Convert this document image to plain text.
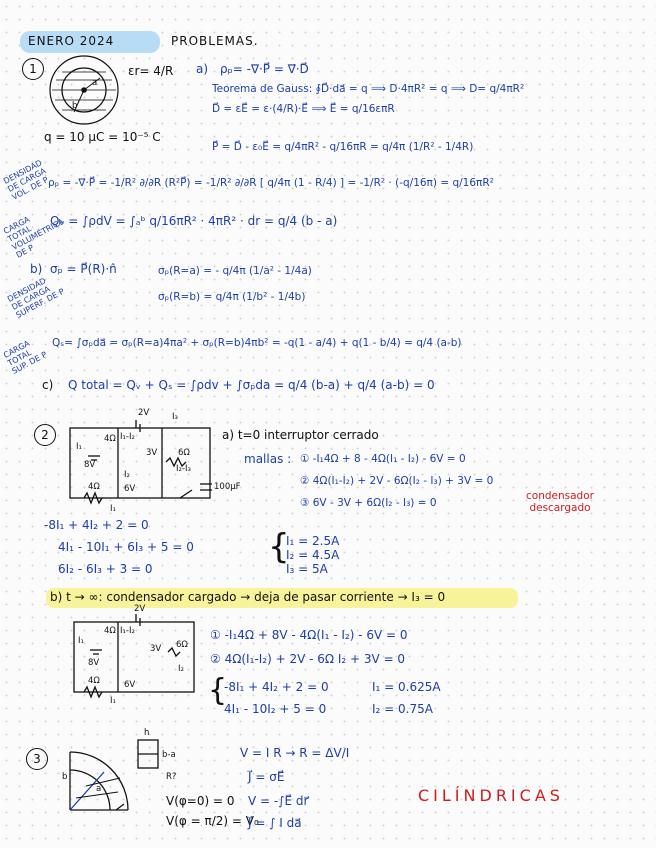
ENERO 2024	PROBLEMAS.
1
a
b
εr= 4/R a) ρₚ= -∇·P⃗ = ∇⃗·D⃗
Teorema de Gauss: ∮D⃗·da⃗ = q ⟹ D·4πR² = q ⟹ D= q/4πR²
D⃗ = εE⃗ = ε·(4/R)·E⃗ ⟹ E⃗ = q/16επR
q = 10 μC = 10⁻⁵ C
P⃗ = D⃗ - ε₀E⃗ = q/4πR² - q/16πR = q/4π (1/R² - 1/4R)
DENSIDAD DE CARGA VOL. DE P
ρₚ = -∇⃗·P⃗ = -1/R² ∂/∂R (R²P⃗) = -1/R² ∂/∂R [ q/4π (1 - R/4) ] = -1/R² · (-q/16π) = q/16πR²
CARGA TOTAL VOLUMÉTRICA DE P
Qᵥ = ∫ρdV = ∫ₐᵇ q/16πR² · 4πR² · dr = q/4 (b - a)
b) σₚ = P⃗(R)·n̂	σₚ(R=a) = - q/4π (1/a² - 1/4a)
σₚ(R=b) = q/4π (1/b² - 1/4b)
DENSIDAD DE CARGA SUPERF. DE P
CARGA TOTAL SUP. DE P
Qₛ= ∫σₚda⃗ = σₚ(R=a)4πa² + σₚ(R=b)4πb² = -q(1 - a/4) + q(1 - b/4) = q/4 (a-b)
c) Q total = Qᵥ + Qₛ = ∫ρdv + ∫σₚda = q/4 (b-a) + q/4 (a-b) = 0
2
2V	I₃
4Ω I₁-I₂
3V 6Ω
8V
I₁
I₂-I₃
4Ω	6V	100μF
I₂
I₁
a) t=0 interruptor cerrado
mallas : ① -I₁4Ω + 8 - 4Ω(I₁ - I₂) - 6V = 0
② 4Ω(I₁-I₂) + 2V - 6Ω(I₂ - I₃) + 3V = 0
③ 6V - 3V + 6Ω(I₂ - I₃) = 0
condensador descargado
-8I₁ + 4I₂ + 2 = 0
4I₁ - 10I₁ + 6I₃ + 5 = 0
6I₂ - 6I₃ + 3 = 0
{
I₁ = 2.5A
I₂ = 4.5A
I₃ = 5A
b) t → ∞: condensador cargado → deja de pasar corriente → I₃ = 0
2V
4Ω I₁-I₂
3V 6Ω
8V
I₁
4Ω	6V
I₂
I₁
① -I₁4Ω + 8V - 4Ω(I₁ - I₂) - 6V = 0
② 4Ω(I₁-I₂) + 2V - 6Ω I₂ + 3V = 0
{
-8I₁ + 4I₂ + 2 = 0
4I₁ - 10I₂ + 5 = 0
I₁ = 0.625A
I₂ = 0.75A
3
b
a
h
b-a
R?
V(φ=0) = 0
V(φ = π/2) = V₀
V = I R → R = ΔV/I
J⃗ = σE⃗
V = -∫E⃗ dr⃗
J⃗ = ∫ I da⃗
CILÍNDRICAS
